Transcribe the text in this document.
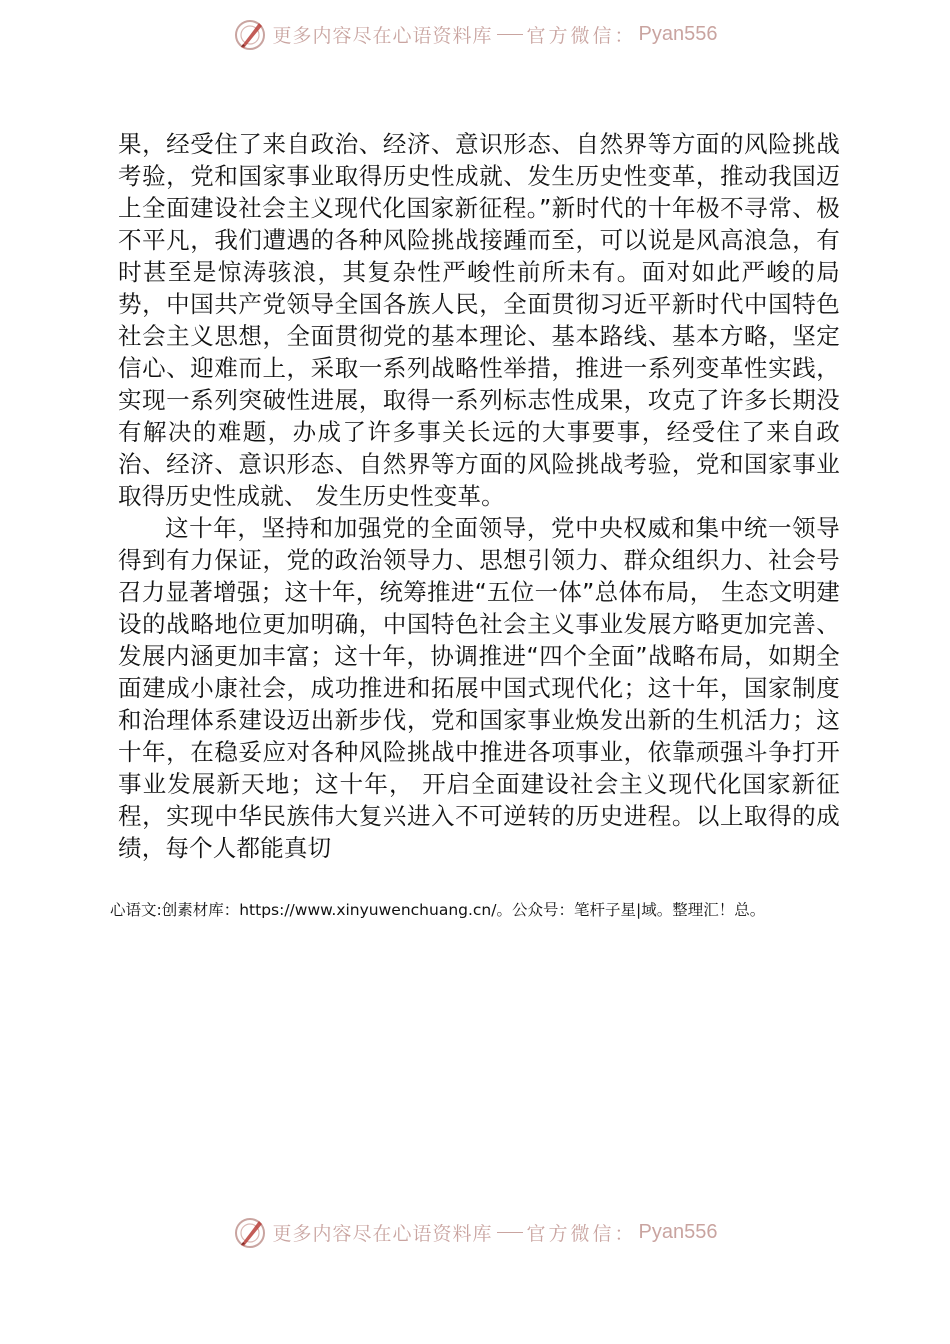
更多内容尽在心语资料库 官方微信： Pyan556

果，经受住了来自政治、经济、意识形态、自然界等方面的风险挑战考验，党和国家事业取得历史性成就、发生历史性变革，推动我国迈上全面建设社会主义现代化国家新征程。”新时代的十年极不寻常、极不平凡，我们遭遇的各种风险挑战接踵而至，可以说是风高浪急，有时甚至是惊涛骇浪，其复杂性严峻性前所未有。面对如此严峻的局势，中国共产党领导全国各族人民，全面贯彻习近平新时代中国特色社会主义思想，全面贯彻党的基本理论、基本路线、基本方略，坚定信心、迎难而上，采取一系列战略性举措，推进一系列变革性实践，实现一系列突破性进展，取得一系列标志性成果，攻克了许多长期没有解决的难题，办成了许多事关长远的大事要事，经受住了来自政治、经济、意识形态、自然界等方面的风险挑战考验，党和国家事业取得历史性成就、 发生历史性变革。

这十年，坚持和加强党的全面领导，党中央权威和集中统一领导得到有力保证，党的政治领导力、思想引领力、群众组织力、社会号召力显著增强；这十年，统筹推进“五位一体”总体布局， 生态文明建设的战略地位更加明确，中国特色社会主义事业发展方略更加完善、发展内涵更加丰富；这十年，协调推进“四个全面”战略布局，如期全面建成小康社会，成功推进和拓展中国式现代化；这十年，国家制度和治理体系建设迈出新步伐，党和国家事业焕发出新的生机活力；这十年，在稳妥应对各种风险挑战中推进各项事业，依靠顽强斗争打开事业发展新天地；这十年， 开启全面建设社会主义现代化国家新征程，实现中华民族伟大复兴进入不可逆转的历史进程。以上取得的成绩，每个人都能真切

心语文:创素材库：https://www.xinyuwenchuang.cn/。公众号：笔杆子星|域。整理汇！总。
更多内容尽在心语资料库 官方微信： Pyan556
